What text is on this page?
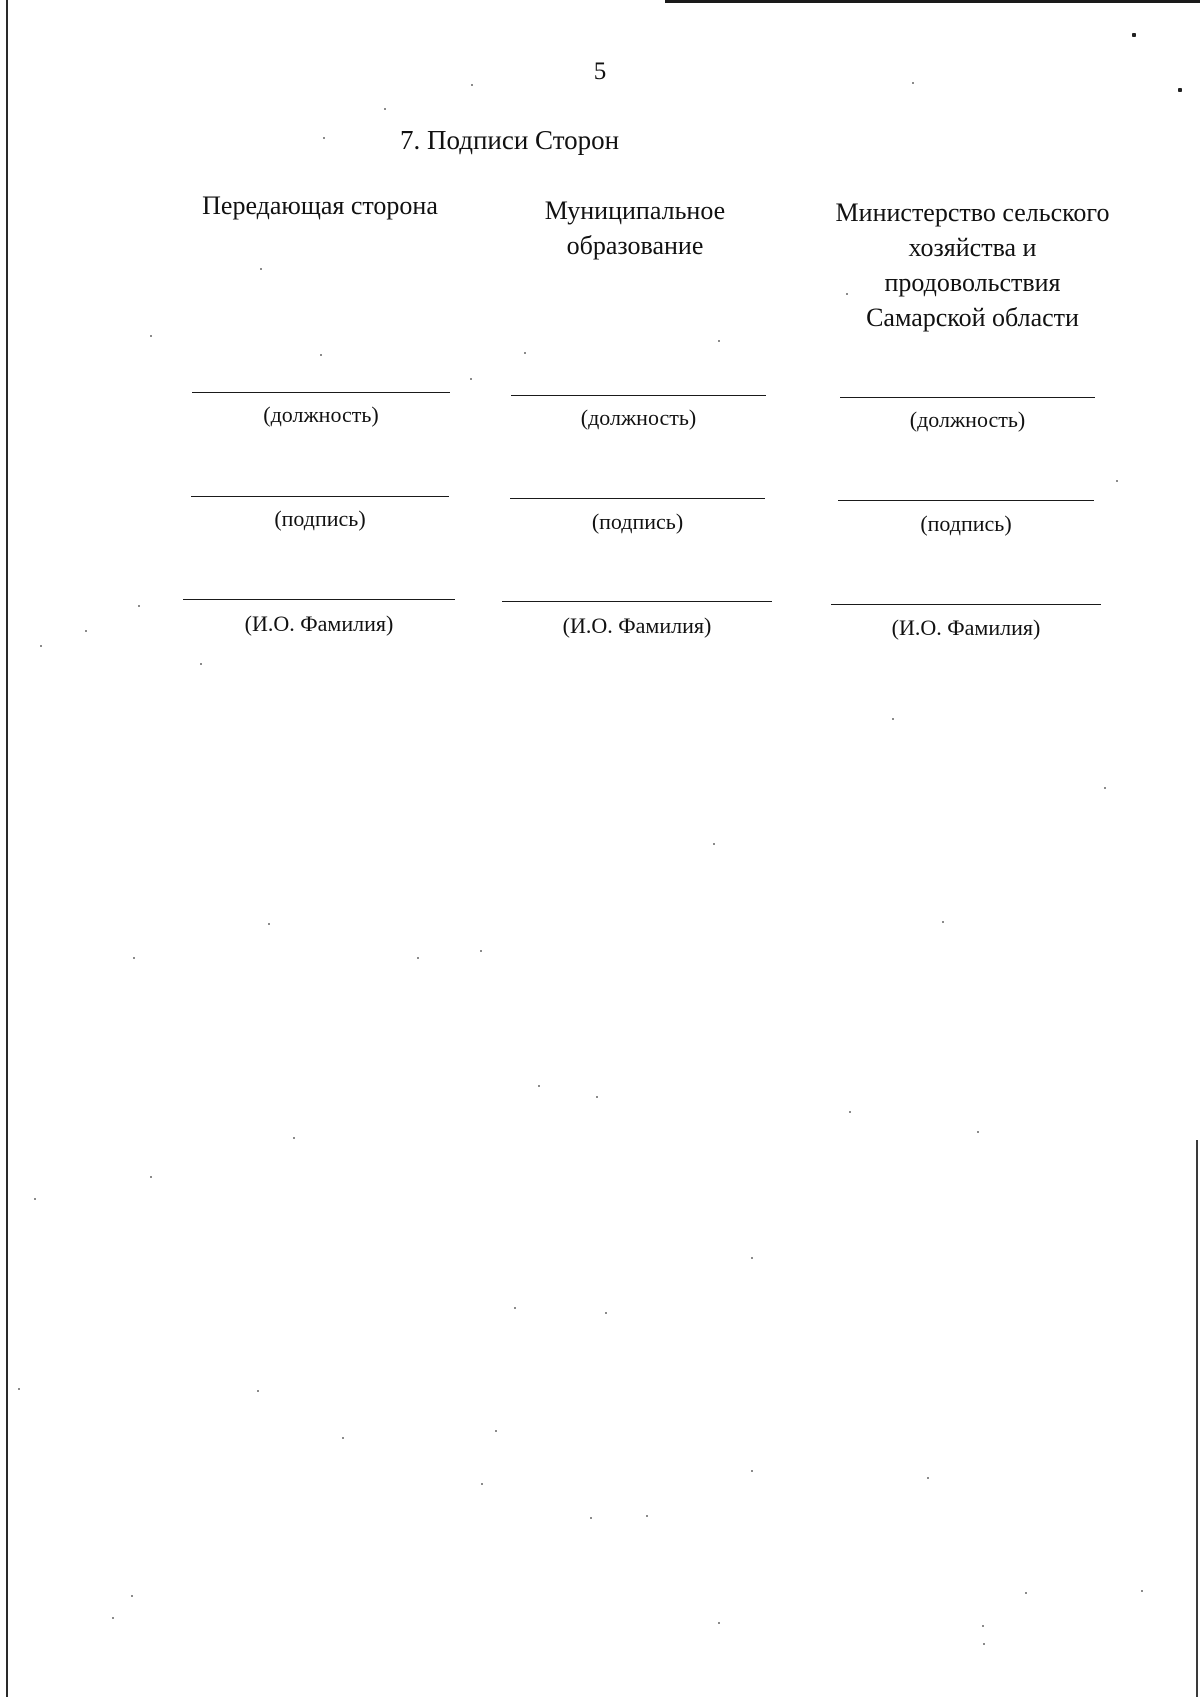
5
7. Подписи Сторон
Передающая сторона
(должность)
(подпись)
(И.О. Фамилия)
Муниципальное образование
(должность)
(подпись)
(И.О. Фамилия)
Министерство сельского хозяйства и продовольствия Самарской области
(должность)
(подпись)
(И.О. Фамилия)
